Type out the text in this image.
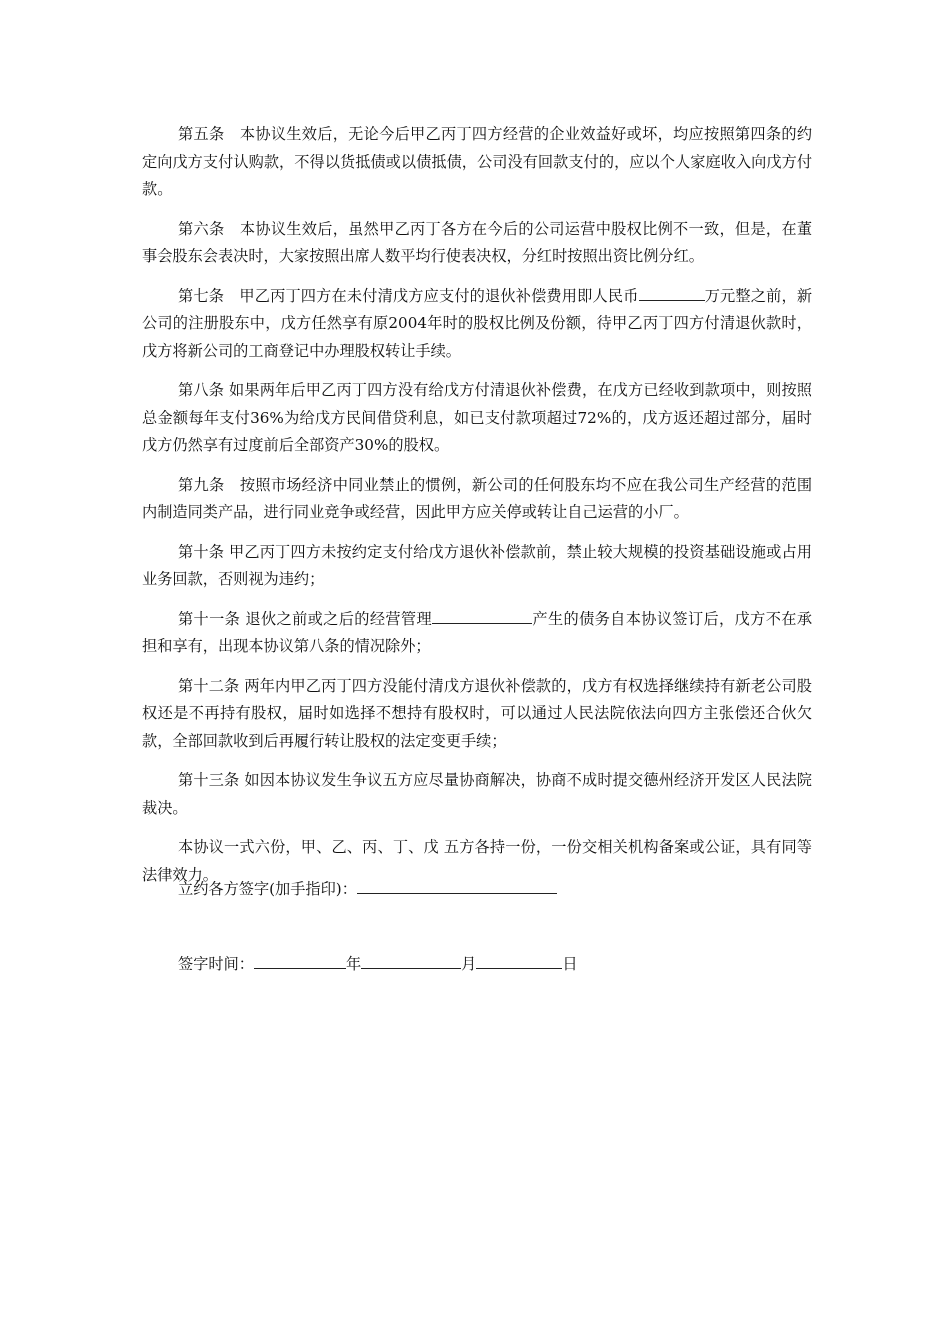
第五条　本协议生效后，无论今后甲乙丙丁四方经营的企业效益好或坏，均应按照第四条的约定向戊方支付认购款，不得以货抵债或以债抵债，公司没有回款支付的，应以个人家庭收入向戊方付款。

第六条　本协议生效后，虽然甲乙丙丁各方在今后的公司运营中股权比例不一致，但是，在董事会股东会表决时，大家按照出席人数平均行使表决权，分红时按照出资比例分红。

第七条　甲乙丙丁四方在未付清戊方应支付的退伙补偿费用即人民币	万元整之前，新公司的注册股东中，戊方任然享有原2004年时的股权比例及份额，待甲乙丙丁四方付清退伙款时，戊方将新公司的工商登记中办理股权转让手续。

第八条 如果两年后甲乙丙丁四方没有给戊方付清退伙补偿费，在戊方已经收到款项中，则按照总金额每年支付36%为给戊方民间借贷利息，如已支付款项超过72%的，戊方返还超过部分，届时戊方仍然享有过度前后全部资产30%的股权。

第九条　按照市场经济中同业禁止的惯例，新公司的任何股东均不应在我公司生产经营的范围内制造同类产品，进行同业竞争或经营，因此甲方应关停或转让自己运营的小厂。

第十条 甲乙丙丁四方未按约定支付给戊方退伙补偿款前，禁止较大规模的投资基础设施或占用业务回款，否则视为违约；

第十一条 退伙之前或之后的经营管理	产生的债务自本协议签订后，戊方不在承担和享有，出现本协议第八条的情况除外；

第十二条 两年内甲乙丙丁四方没能付清戊方退伙补偿款的，戊方有权选择继续持有新老公司股权还是不再持有股权，届时如选择不想持有股权时，可以通过人民法院依法向四方主张偿还合伙欠款，全部回款收到后再履行转让股权的法定变更手续；

第十三条 如因本协议发生争议五方应尽量协商解决，协商不成时提交德州经济开发区人民法院裁决。

本协议一式六份，甲、乙、丙、丁、戊 五方各持一份，一份交相关机构备案或公证，具有同等法律效力。

立约各方签字(加手指印)：
签字时间：	年	月	日
